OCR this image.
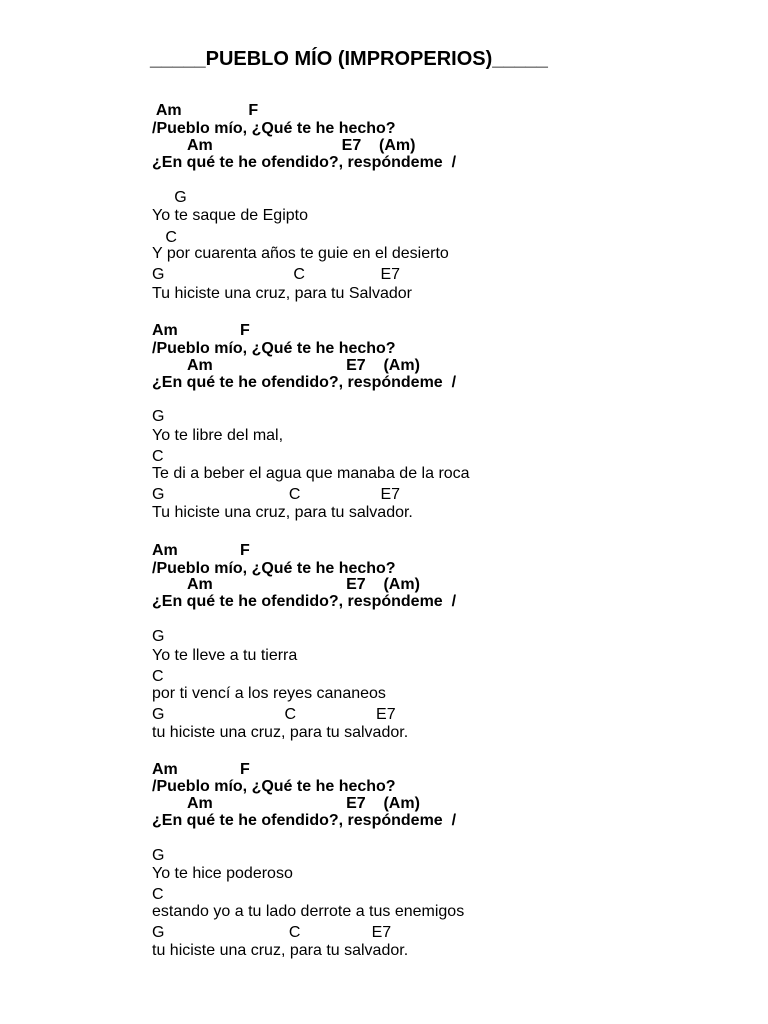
_____PUEBLO MÍO (IMPROPERIOS)_____
Am               F
/Pueblo mío, ¿Qué te he hecho?
Am                             E7    (Am)
¿En qué te he ofendido?, respóndeme  /
G
Yo te saque de Egipto
C
Y por cuarenta años te guie en el desierto
G                             C                 E7
Tu hiciste una cruz, para tu Salvador
Am              F
/Pueblo mío, ¿Qué te he hecho?
Am                              E7    (Am)
¿En qué te he ofendido?, respóndeme  /
G
Yo te libre del mal,
C
Te di a beber el agua que manaba de la roca
G                            C                  E7
Tu hiciste una cruz, para tu salvador.
Am              F
/Pueblo mío, ¿Qué te he hecho?
Am                              E7    (Am)
¿En qué te he ofendido?, respóndeme  /
G
Yo te lleve a tu tierra
C
por ti vencí a los reyes cananeos
G                           C                  E7
tu hiciste una cruz, para tu salvador.
Am              F
/Pueblo mío, ¿Qué te he hecho?
Am                              E7    (Am)
¿En qué te he ofendido?, respóndeme  /
G
Yo te hice poderoso
C
estando yo a tu lado derrote a tus enemigos
G                            C                E7
tu hiciste una cruz, para tu salvador.
